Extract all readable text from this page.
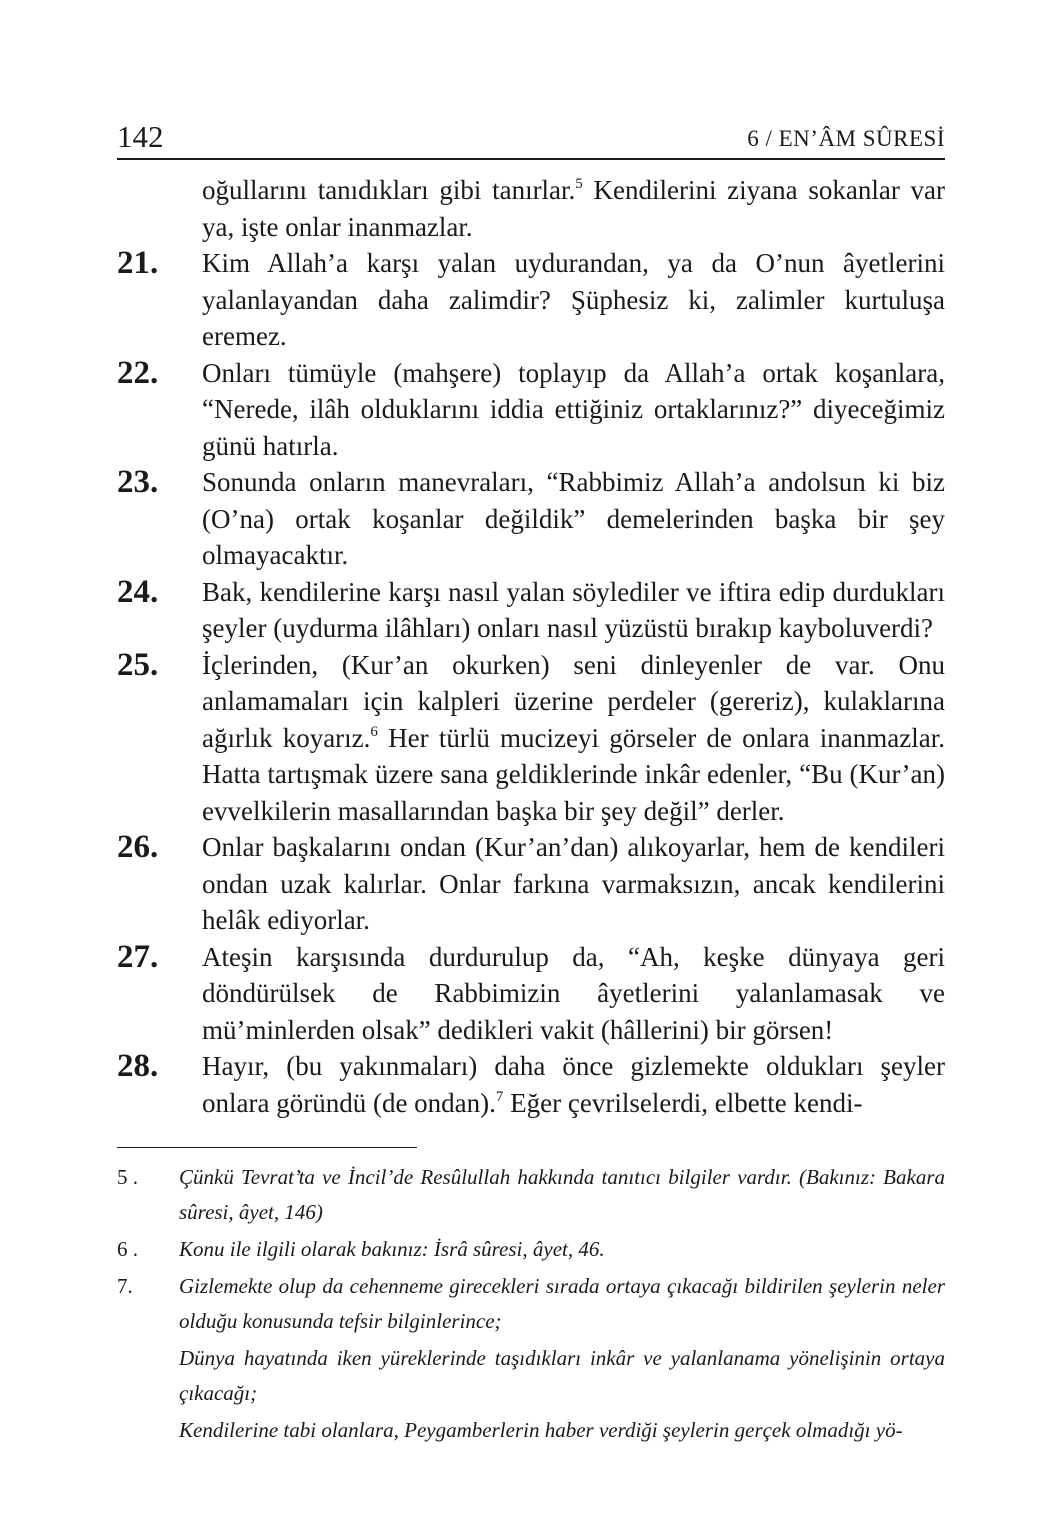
142	6 / EN’ÂM SÛRESİ
oğullarını tanıdıkları gibi tanırlar.$^5$ Kendilerini ziyana sokanlar var ya, işte onlar inanmazlar.
21. Kim Allah’a karşı yalan uydurandan, ya da O’nun âyetlerini yalanlayandan daha zalimdir? Şüphesiz ki, zalimler kurtuluşa eremez.
22. Onları tümüyle (mahşere) toplayıp da Allah’a ortak koşanlara, “Nerede, ilâh olduklarını iddia ettiğiniz ortaklarınız?” diyeceğimiz günü hatırla.
23. Sonunda onların manevraları, “Rabbimiz Allah’a andolsun ki biz (O’na) ortak koşanlar değildik” demelerinden başka bir şey olmayacaktır.
24. Bak, kendilerine karşı nasıl yalan söylediler ve iftira edip durdukları şeyler (uydurma ilâhları) onları nasıl yüzüstü bırakıp kayboluverdi?
25. İçlerinden, (Kur’an okurken) seni dinleyenler de var. Onu anlamamaları için kalpleri üzerine perdeler (gereriz), kulaklarına ağırlık koyarız.$^6$ Her türlü mucizeyi görseler de onlara inanmazlar. Hatta tartışmak üzere sana geldiklerinde inkâr edenler, “Bu (Kur’an) evvelkilerin masallarından başka bir şey değil” derler.
26. Onlar başkalarını ondan (Kur’an’dan) alıkoyarlar, hem de kendileri ondan uzak kalırlar. Onlar farkına varmaksızın, ancak kendilerini helâk ediyorlar.
27. Ateşin karşısında durdurulup da, “Ah, keşke dünyaya geri döndürülsek de Rabbimizin âyetlerini yalanlamasak ve mü’minlerden olsak” dedikleri vakit (hâllerini) bir görsen!
28. Hayır, (bu yakınmaları) daha önce gizlemekte oldukları şeyler onlara göründü (de ondan).$^7$ Eğer çevrilselerdi, elbette kendi-
5 . Çünkü Tevrat’ta ve İncil’de Resûlullah hakkında tanıtıcı bilgiler vardır. (Bakınız: Bakara sûresi, âyet, 146)
6 . Konu ile ilgili olarak bakınız: İsrâ sûresi, âyet, 46.
7. Gizlemekte olup da cehenneme girecekleri sırada ortaya çıkacağı bildirilen şeylerin neler olduğu konusunda tefsir bilginlerince;
Dünya hayatında iken yüreklerinde taşıdıkları inkâr ve yalanlanama yönelişinin ortaya çıkacağı;
Kendilerine tabi olanlara, Peygamberlerin haber verdiği şeylerin gerçek olmadığı yö-
